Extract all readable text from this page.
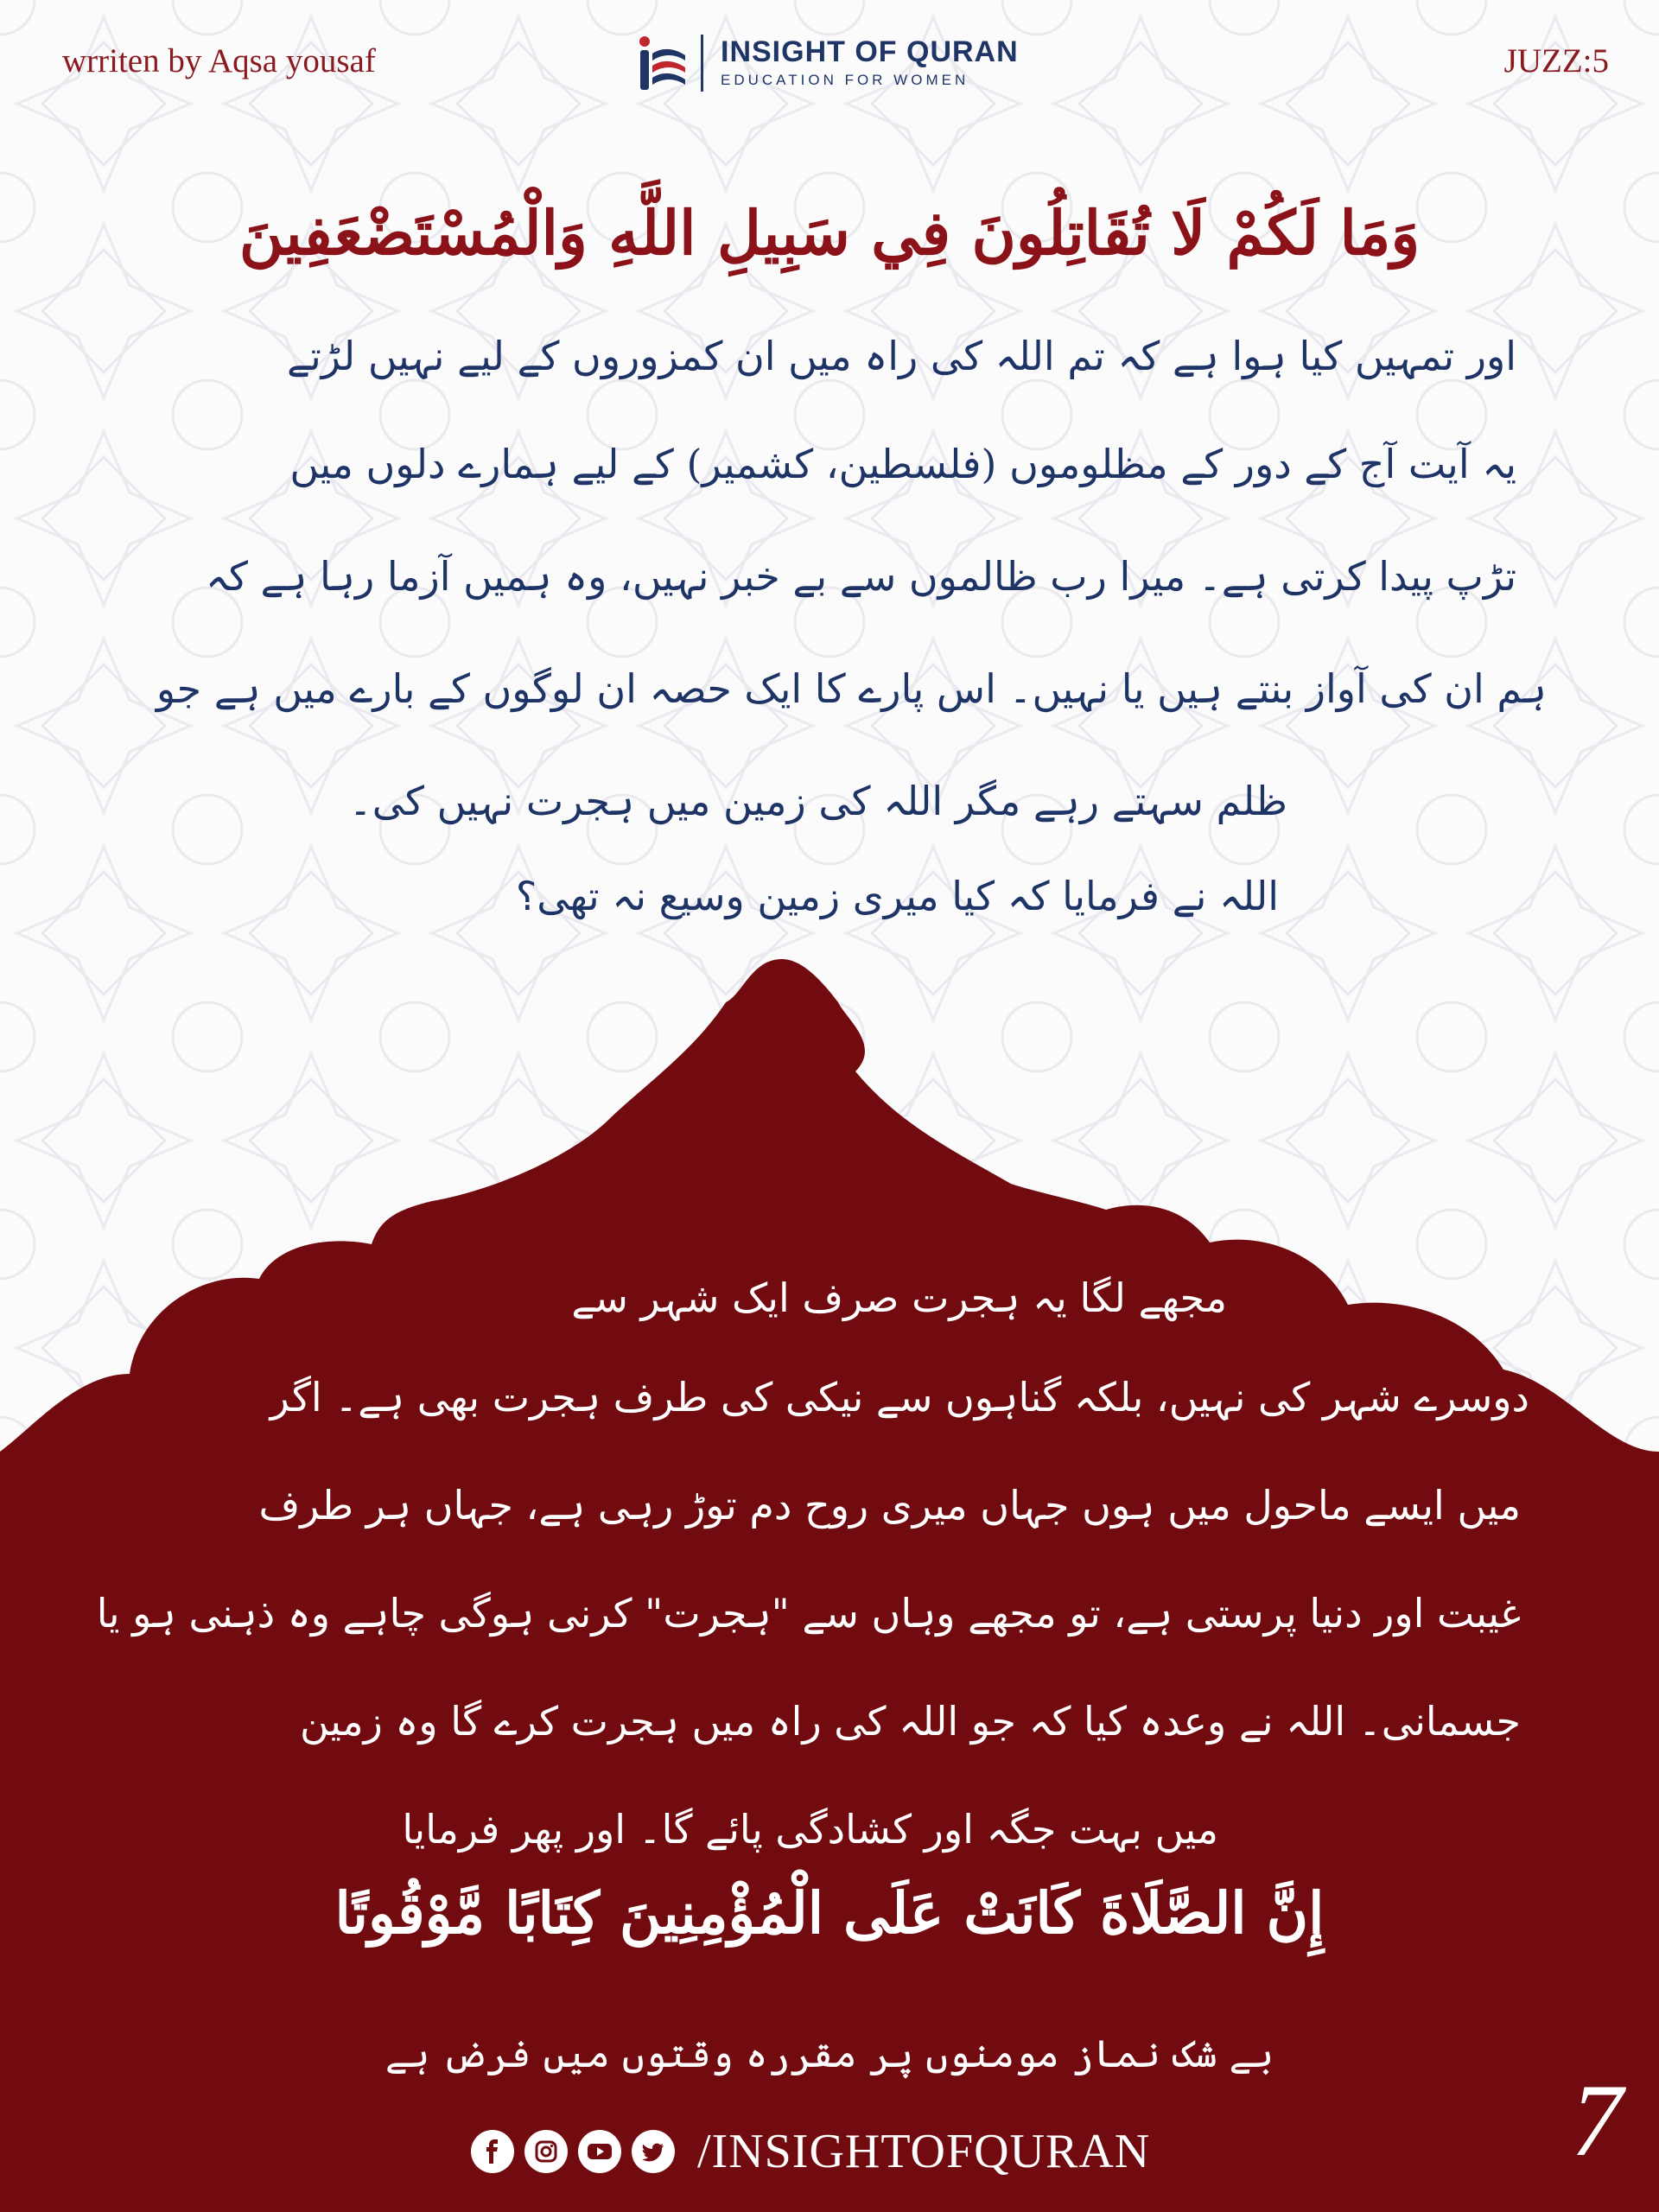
wrriten by Aqsa yousaf	INSIGHT OF QURAN
EDUCATION FOR WOMEN
JUZZ:5
وَمَا لَكُمْ لَا تُقَاتِلُونَ فِي سَبِيلِ اللَّهِ وَالْمُسْتَضْعَفِينَ
اور تمہیں کیا ہوا ہے کہ تم اللہ کی راہ میں ان کمزوروں کے لیے نہیں لڑتے
یہ آیت آج کے دور کے مظلوموں (فلسطین، کشمیر) کے لیے ہمارے دلوں میں
تڑپ پیدا کرتی ہے۔ میرا رب ظالموں سے بے خبر نہیں، وہ ہمیں آزما رہا ہے کہ
ہم ان کی آواز بنتے ہیں یا نہیں۔ اس پارے کا ایک حصہ ان لوگوں کے بارے میں ہے جو
ظلم سہتے رہے مگر اللہ کی زمین میں ہجرت نہیں کی۔
اللہ نے فرمایا کہ کیا میری زمین وسیع نہ تھی؟
مجھے لگا یہ ہجرت صرف ایک شہر سے
دوسرے شہر کی نہیں، بلکہ گناہوں سے نیکی کی طرف ہجرت بھی ہے۔ اگر
میں ایسے ماحول میں ہوں جہاں میری روح دم توڑ رہی ہے، جہاں ہر طرف
غیبت اور دنیا پرستی ہے، تو مجھے وہاں سے "ہجرت" کرنی ہوگی چاہے وہ ذہنی ہو یا
جسمانی۔ اللہ نے وعدہ کیا کہ جو اللہ کی راہ میں ہجرت کرے گا وہ زمین
میں بہت جگہ اور کشادگی پائے گا۔ اور پھر فرمایا
إِنَّ الصَّلَاةَ كَانَتْ عَلَى الْمُؤْمِنِينَ كِتَابًا مَّوْقُوتًا
بے شک نماز مومنوں پر مقررہ وقتوں میں فرض ہے
/INSIGHTOFQURAN	7
